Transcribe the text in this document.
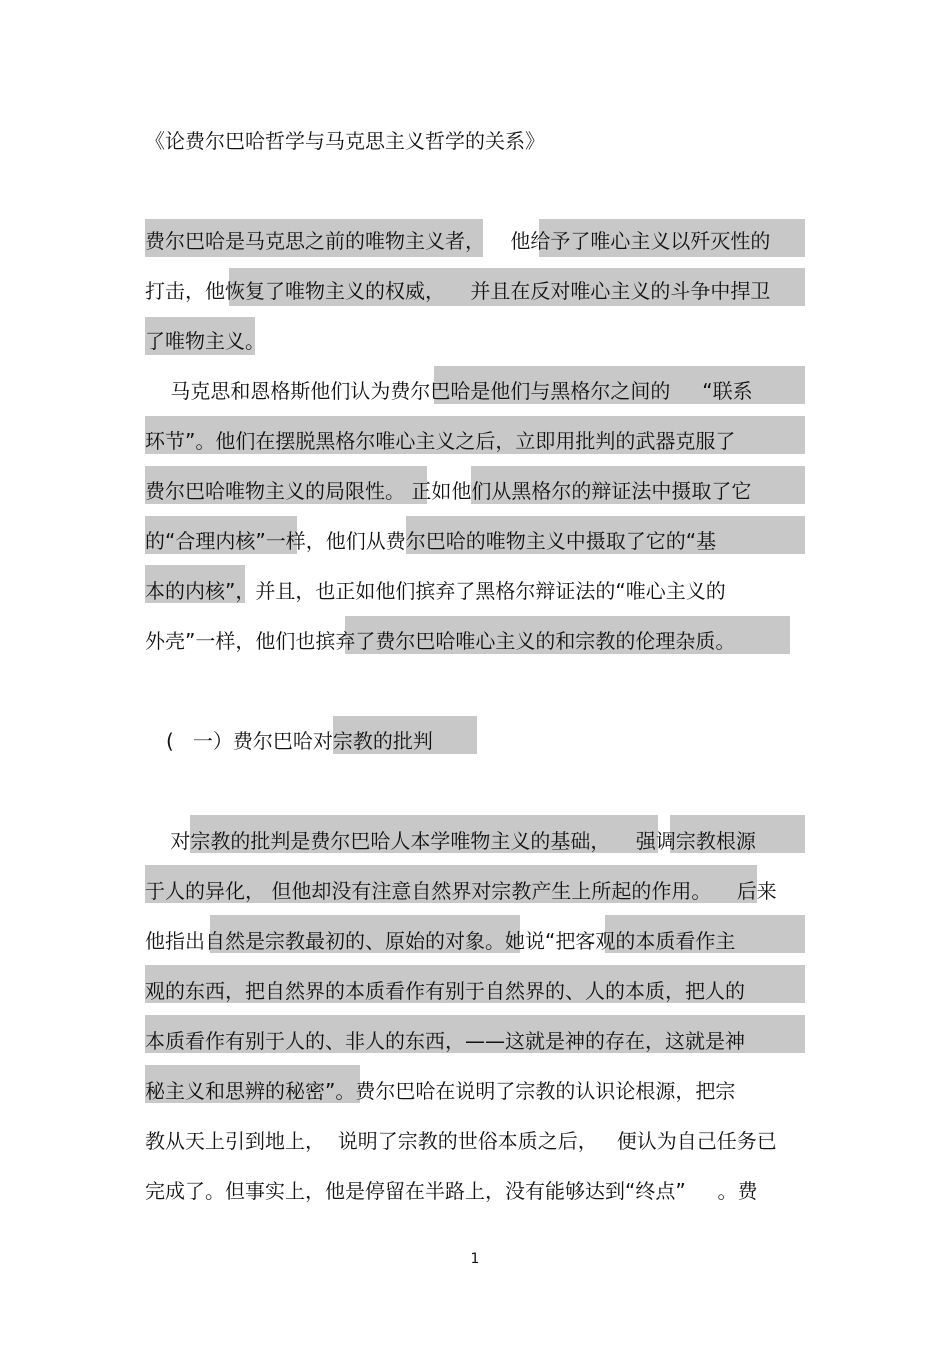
《论费尔巴哈哲学与马克思主义哲学的关系》
费尔巴哈是马克思之前的唯物主义者，    他给予了唯心主义以歼灭性的
打击，他恢复了唯物主义的权威，    并且在反对唯心主义的斗争中捍卫
了唯物主义。
马克思和恩格斯他们认为费尔巴哈是他们与黑格尔之间的     “联系
环节”。他们在摆脱黑格尔唯心主义之后，立即用批判的武器克服了
费尔巴哈唯物主义的局限性。 正如他们从黑格尔的辩证法中摄取了它
的“合理内核”一样，他们从费尔巴哈的唯物主义中摄取了它的“基
本的内核”，并且，也正如他们摈弃了黑格尔辩证法的“唯心主义的
外壳”一样，他们也摈弃了费尔巴哈唯心主义的和宗教的伦理杂质。
(   一）费尔巴哈对宗教的批判
对宗教的批判是费尔巴哈人本学唯物主义的基础，    强调宗教根源
于人的异化， 但他却没有注意自然界对宗教产生上所起的作用。    后来
他指出自然是宗教最初的、原始的对象。她说“把客观的本质看作主
观的东西，把自然界的本质看作有别于自然界的、人的本质，把人的
本质看作有别于人的、非人的东西，——这就是神的存在，这就是神
秘主义和思辨的秘密”。费尔巴哈在说明了宗教的认识论根源，把宗
教从天上引到地上，  说明了宗教的世俗本质之后，   便认为自己任务已
完成了。但事实上，他是停留在半路上，没有能够达到“终点”     。费
1
